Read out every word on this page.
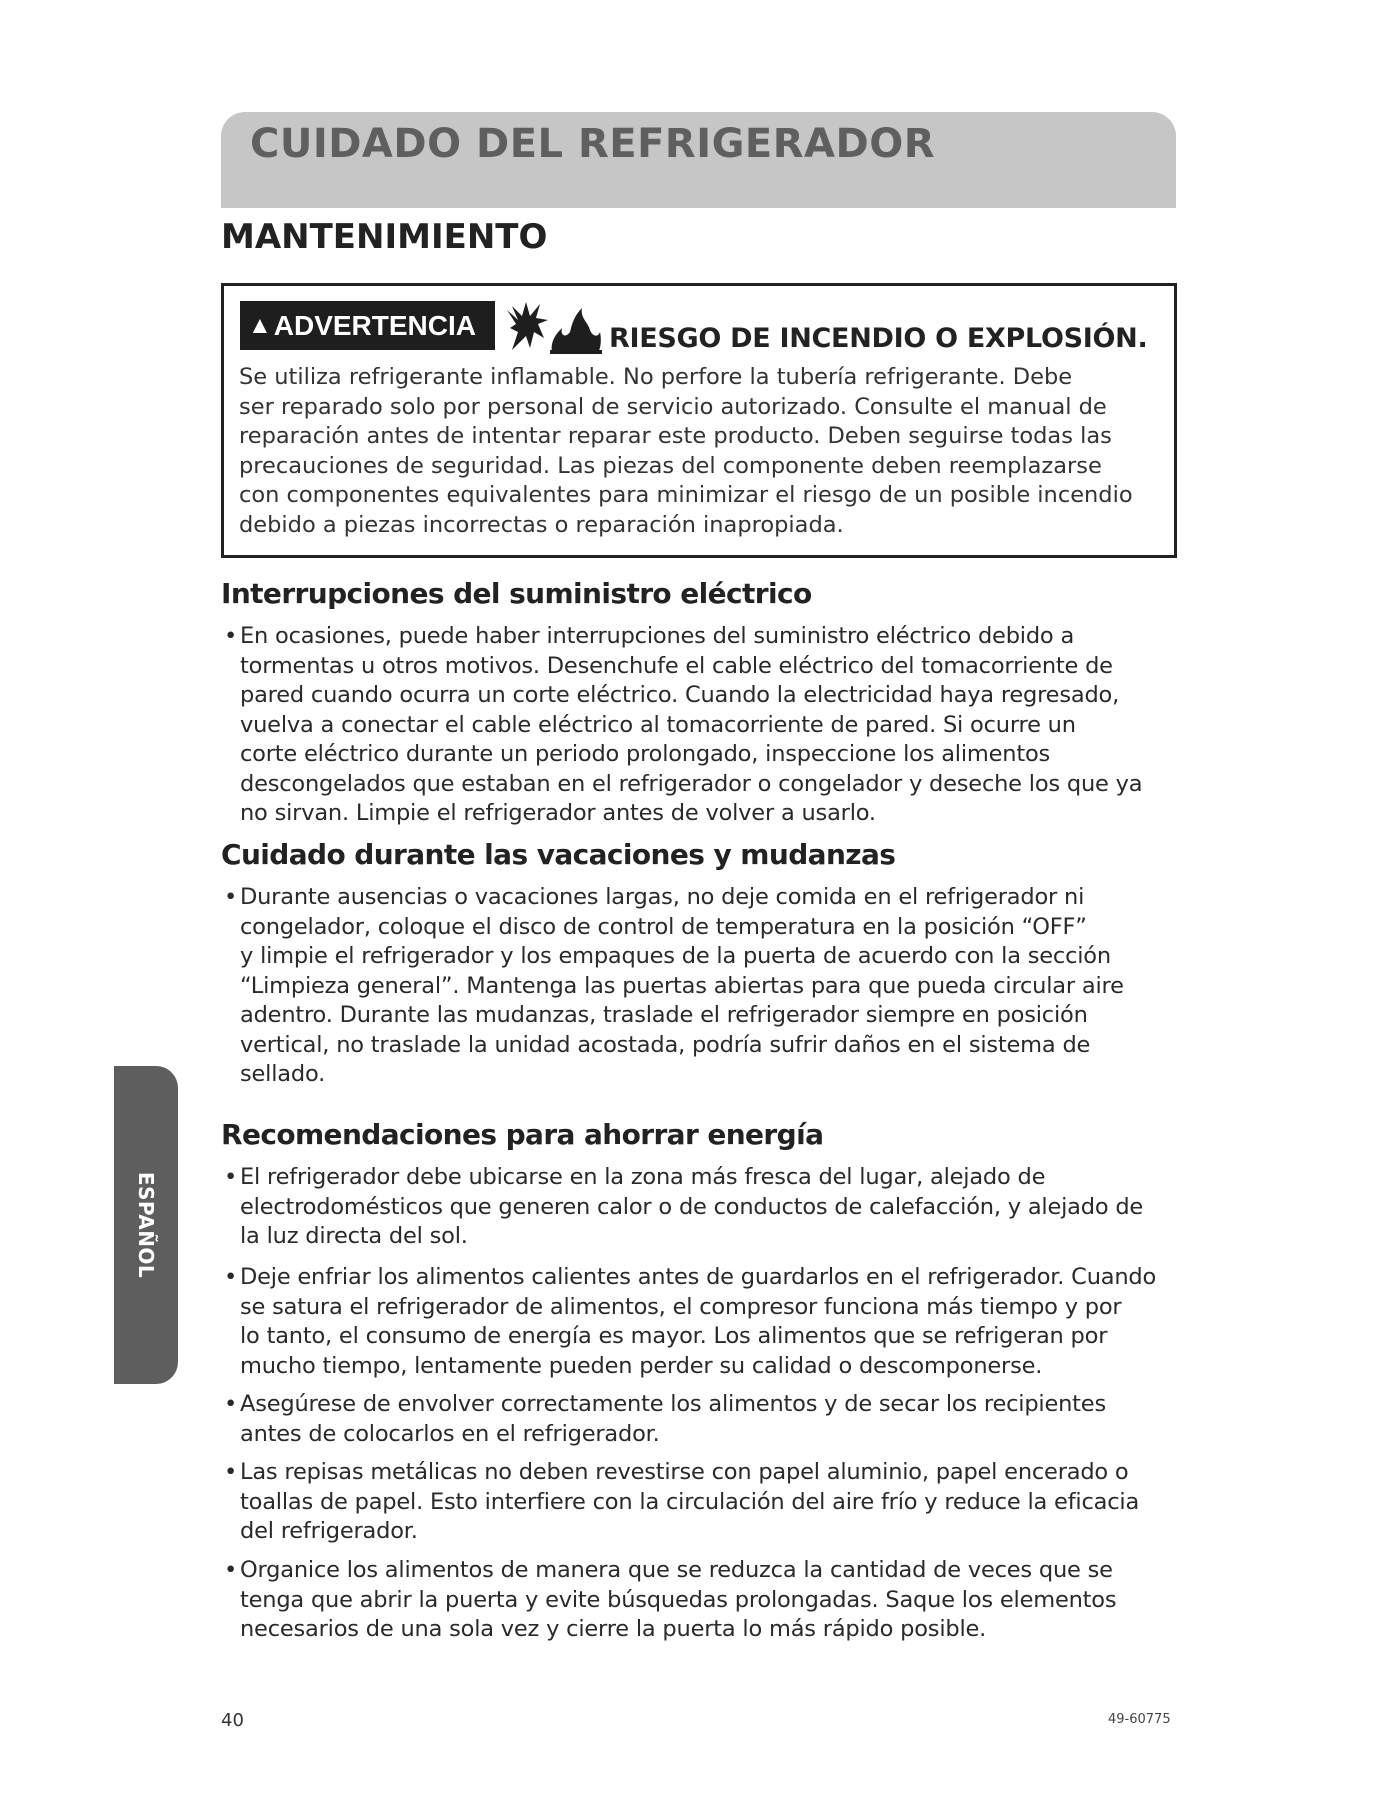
CUIDADO DEL REFRIGERADOR
MANTENIMIENTO
▲ ADVERTENCIA	RIESGO DE INCENDIO O EXPLOSIÓN.
Se utiliza refrigerante inflamable. No perfore la tubería refrigerante. Debe
ser reparado solo por personal de servicio autorizado. Consulte el manual de
reparación antes de intentar reparar este producto. Deben seguirse todas las
precauciones de seguridad. Las piezas del componente deben reemplazarse
con componentes equivalentes para minimizar el riesgo de un posible incendio
debido a piezas incorrectas o reparación inapropiada.
Interrupciones del suministro eléctrico
• En ocasiones, puede haber interrupciones del suministro eléctrico debido a
tormentas u otros motivos. Desenchufe el cable eléctrico del tomacorriente de
pared cuando ocurra un corte eléctrico. Cuando la electricidad haya regresado,
vuelva a conectar el cable eléctrico al tomacorriente de pared. Si ocurre un
corte eléctrico durante un periodo prolongado, inspeccione los alimentos
descongelados que estaban en el refrigerador o congelador y deseche los que ya
no sirvan. Limpie el refrigerador antes de volver a usarlo.
Cuidado durante las vacaciones y mudanzas
• Durante ausencias o vacaciones largas, no deje comida en el refrigerador ni
congelador, coloque el disco de control de temperatura en la posición “OFF”
y limpie el refrigerador y los empaques de la puerta de acuerdo con la sección
“Limpieza general”. Mantenga las puertas abiertas para que pueda circular aire
adentro. Durante las mudanzas, traslade el refrigerador siempre en posición
vertical, no traslade la unidad acostada, podría sufrir daños en el sistema de
sellado.
Recomendaciones para ahorrar energía
• El refrigerador debe ubicarse en la zona más fresca del lugar, alejado de
electrodomésticos que generen calor o de conductos de calefacción, y alejado de
la luz directa del sol.
• Deje enfriar los alimentos calientes antes de guardarlos en el refrigerador. Cuando
se satura el refrigerador de alimentos, el compresor funciona más tiempo y por
lo tanto, el consumo de energía es mayor. Los alimentos que se refrigeran por
mucho tiempo, lentamente pueden perder su calidad o descomponerse.
• Asegúrese de envolver correctamente los alimentos y de secar los recipientes
antes de colocarlos en el refrigerador.
• Las repisas metálicas no deben revestirse con papel aluminio, papel encerado o
toallas de papel. Esto interfiere con la circulación del aire frío y reduce la eficacia
del refrigerador.
• Organice los alimentos de manera que se reduzca la cantidad de veces que se
tenga que abrir la puerta y evite búsquedas prolongadas. Saque los elementos
necesarios de una sola vez y cierre la puerta lo más rápido posible.
ESPAÑOL
40	49-60775
